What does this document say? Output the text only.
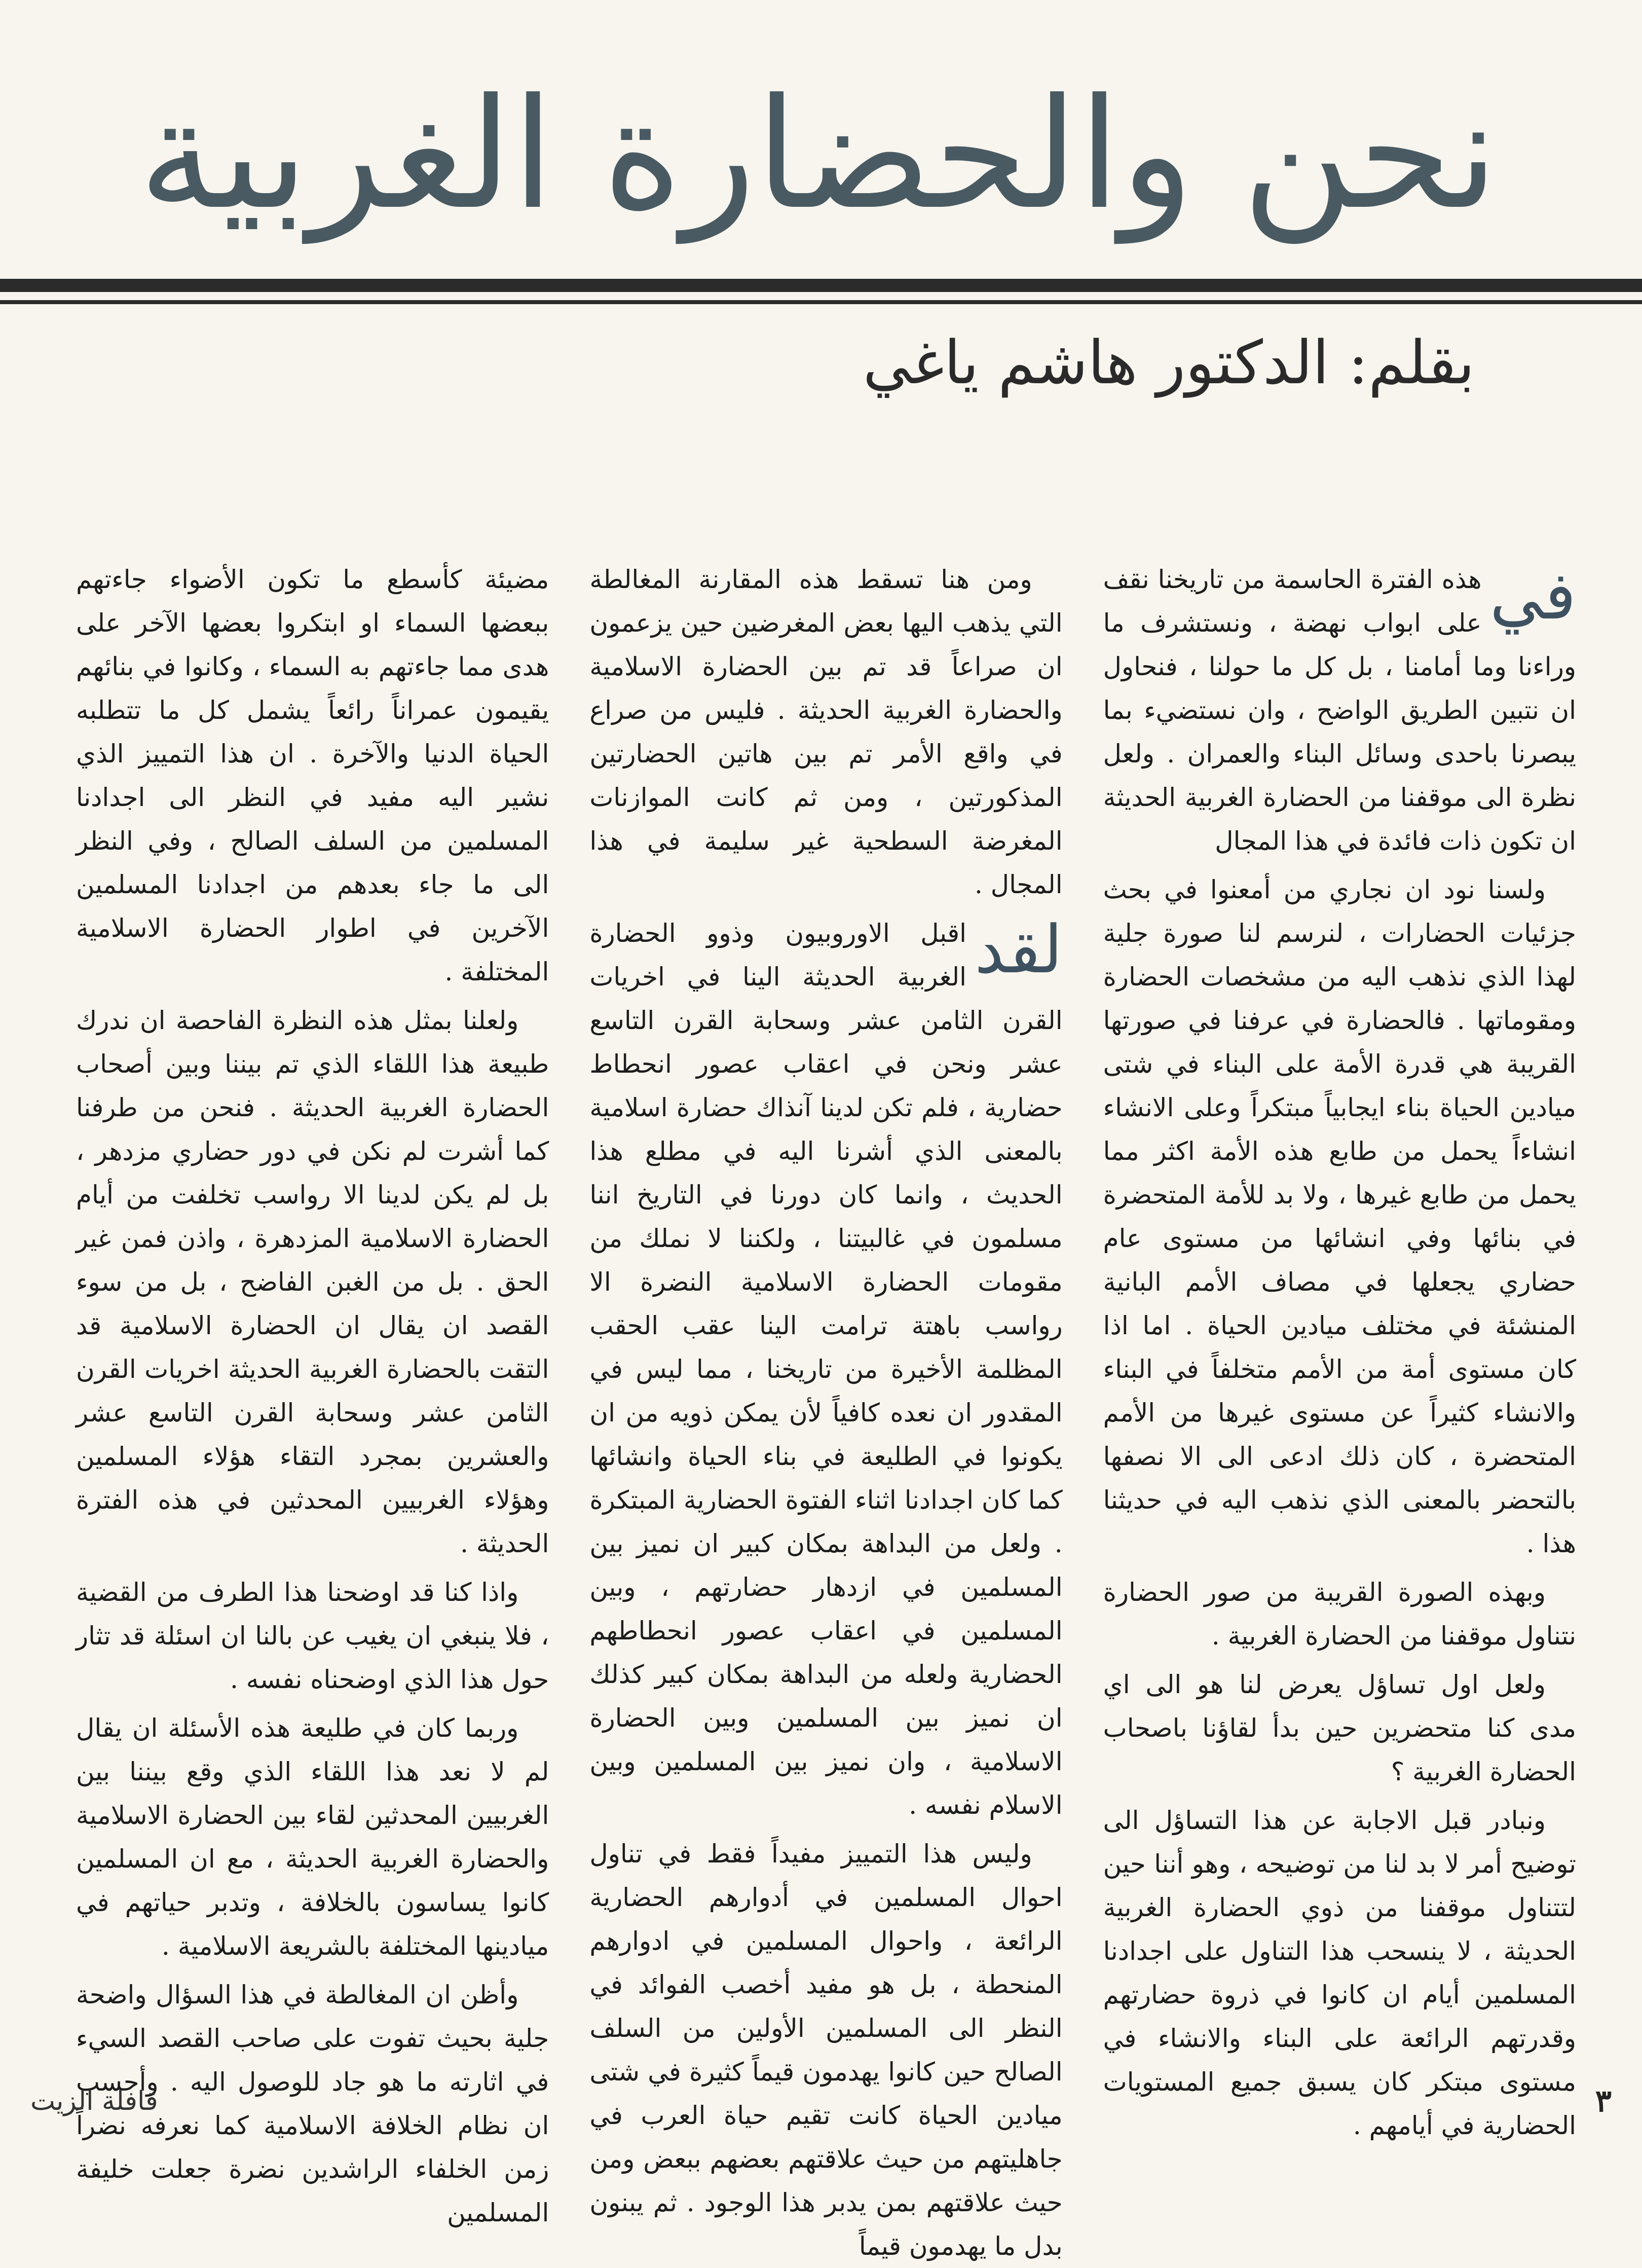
نحن والحضارة الغربية
بقلم: الدكتور هاشم ياغي

في
هذه الفترة الحاسمة من تاريخنا نقف على ابواب نهضة ، ونستشرف ما وراءنا وما أمامنا ، بل كل ما حولنا ، فنحاول ان نتبين الطريق الواضح ، وان نستضيء بما يبصرنا باحدى وسائل البناء والعمران . ولعل نظرة الى موقفنا من الحضارة الغربية الحديثة ان تكون ذات فائدة في هذا المجال

ولسنا نود ان نجاري من أمعنوا في بحث جزئيات الحضارات ، لنرسم لنا صورة جلية لهذا الذي نذهب اليه من مشخصات الحضارة ومقوماتها . فالحضارة في عرفنا في صورتها القريبة هي قدرة الأمة على البناء في شتى ميادين الحياة بناء ايجابياً مبتكراً وعلى الانشاء انشاءاً يحمل من طابع هذه الأمة اكثر مما يحمل من طابع غيرها ، ولا بد للأمة المتحضرة في بنائها وفي انشائها من مستوى عام حضاري يجعلها في مصاف الأمم البانية المنشئة في مختلف ميادين الحياة . اما اذا كان مستوى أمة من الأمم متخلفاً في البناء والانشاء كثيراً عن مستوى غيرها من الأمم المتحضرة ، كان ذلك ادعى الى الا نصفها بالتحضر بالمعنى الذي نذهب اليه في حديثنا هذا .

وبهذه الصورة القريبة من صور الحضارة نتناول موقفنا من الحضارة الغربية .

ولعل اول تساؤل يعرض لنا هو الى اي مدى كنا متحضرين حين بدأ لقاؤنا باصحاب الحضارة الغربية ؟

ونبادر قبل الاجابة عن هذا التساؤل الى توضيح أمر لا بد لنا من توضيحه ، وهو أننا حين لتتناول موقفنا من ذوي الحضارة الغربية الحديثة ، لا ينسحب هذا التناول على اجدادنا المسلمين أيام ان كانوا في ذروة حضارتهم وقدرتهم الرائعة على البناء والانشاء في مستوى مبتكر كان يسبق جميع المستويات الحضارية في أيامهم .

ومن هنا تسقط هذه المقارنة المغالطة التي يذهب اليها بعض المغرضين حين يزعمون ان صراعاً قد تم بين الحضارة الاسلامية والحضارة الغربية الحديثة . فليس من صراع في واقع الأمر تم بين هاتين الحضارتين المذكورتين ، ومن ثم كانت الموازنات المغرضة السطحية غير سليمة في هذا المجال .

لقد
اقبل الاوروبيون وذوو الحضارة الغربية الحديثة الينا في اخريات القرن الثامن عشر وسحابة القرن التاسع عشر ونحن في اعقاب عصور انحطاط حضارية ، فلم تكن لدينا آنذاك حضارة اسلامية بالمعنى الذي أشرنا اليه في مطلع هذا الحديث ، وانما كان دورنا في التاريخ اننا مسلمون في غالبيتنا ، ولكننا لا نملك من مقومات الحضارة الاسلامية النضرة الا رواسب باهتة ترامت الينا عقب الحقب المظلمة الأخيرة من تاريخنا ، مما ليس في المقدور ان نعده كافياً لأن يمكن ذويه من ان يكونوا في الطليعة في بناء الحياة وانشائها كما كان اجدادنا اثناء الفتوة الحضارية المبتكرة . ولعل من البداهة بمكان كبير ان نميز بين المسلمين في ازدهار حضارتهم ، وبين المسلمين في اعقاب عصور انحطاطهم الحضارية ولعله من البداهة بمكان كبير كذلك ان نميز بين المسلمين وبين الحضارة الاسلامية ، وان نميز بين المسلمين وبين الاسلام نفسه .

وليس هذا التمييز مفيداً فقط في تناول احوال المسلمين في أدوارهم الحضارية الرائعة ، واحوال المسلمين في ادوارهم المنحطة ، بل هو مفيد أخصب الفوائد في النظر الى المسلمين الأولين من السلف الصالح حين كانوا يهدمون قيماً كثيرة في شتى ميادين الحياة كانت تقيم حياة العرب في جاهليتهم من حيث علاقتهم بعضهم ببعض ومن حيث علاقتهم بمن يدبر هذا الوجود . ثم يبنون بدل ما يهدمون قيماً

مضيئة كأسطع ما تكون الأضواء جاءتهم ببعضها السماء او ابتكروا بعضها الآخر على هدى مما جاءتهم به السماء ، وكانوا في بنائهم يقيمون عمراناً رائعاً يشمل كل ما تتطلبه الحياة الدنيا والآخرة . ان هذا التمييز الذي نشير اليه مفيد في النظر الى اجدادنا المسلمين من السلف الصالح ، وفي النظر الى ما جاء بعدهم من اجدادنا المسلمين الآخرين في اطوار الحضارة الاسلامية المختلفة .

ولعلنا بمثل هذه النظرة الفاحصة ان ندرك طبيعة هذا اللقاء الذي تم بيننا وبين أصحاب الحضارة الغربية الحديثة . فنحن من طرفنا كما أشرت لم نكن في دور حضاري مزدهر ، بل لم يكن لدينا الا رواسب تخلفت من أيام الحضارة الاسلامية المزدهرة ، واذن فمن غير الحق . بل من الغبن الفاضح ، بل من سوء القصد ان يقال ان الحضارة الاسلامية قد التقت بالحضارة الغربية الحديثة اخريات القرن الثامن عشر وسحابة القرن التاسع عشر والعشرين بمجرد التقاء هؤلاء المسلمين وهؤلاء الغربيين المحدثين في هذه الفترة الحديثة .

واذا كنا قد اوضحنا هذا الطرف من القضية ، فلا ينبغي ان يغيب عن بالنا ان اسئلة قد تثار حول هذا الذي اوضحناه نفسه .

وربما كان في طليعة هذه الأسئلة ان يقال لم لا نعد هذا اللقاء الذي وقع بيننا بين الغربيين المحدثين لقاء بين الحضارة الاسلامية والحضارة الغربية الحديثة ، مع ان المسلمين كانوا يساسون بالخلافة ، وتدبر حياتهم في ميادينها المختلفة بالشريعة الاسلامية .

وأظن ان المغالطة في هذا السؤال واضحة جلية بحيث تفوت على صاحب القصد السيء في اثارته ما هو جاد للوصول اليه . وأحسب ان نظام الخلافة الاسلامية كما نعرفه نضراً زمن الخلفاء الراشدين نضرة جعلت خليفة المسلمين

قافلة الزيت	٣
